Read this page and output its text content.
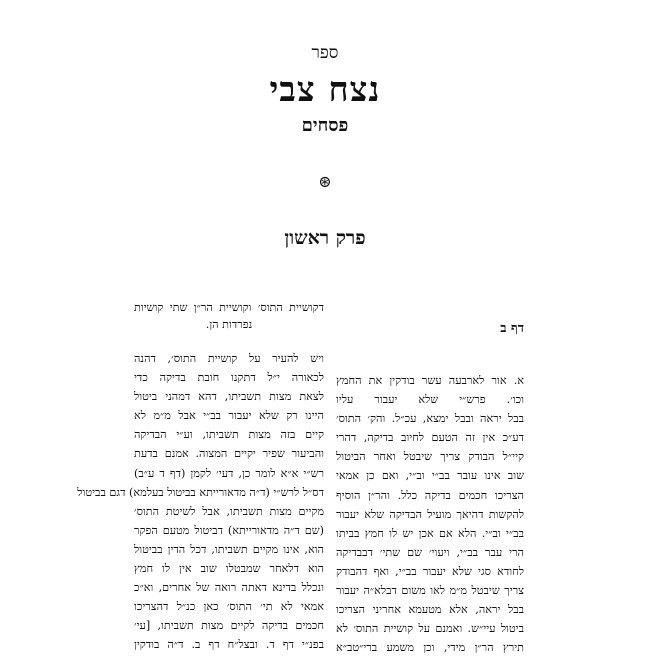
ספר
נצח צבי
פסחים
⊛
פרק ראשון
דף ב
א. אור לארבעה עשר בודקין את החמץ
וכו׳. פרש״י שלא יעבור עליו
בבל יראה ובבל ימצא, עכ״ל. והק׳ התוס׳
דע״כ אין זה הטעם לחיוב בדיקה, דהרי
קיי״ל הבודק צריך שיבטל ואחר הביטול
שוב אינו עובר בב״י וב״י, ואם כן אמאי
הצריכו חכמים בדיקה כלל. והר״ן הוסיף
להקשות דהיאך מועיל הבדיקה שלא יעבור
בב״י וב״י. הלא אם אכן יש לו חמץ בביתו
הרי עבר בב״י, ויעוי׳ שם שתי׳ דבבדיקה
לחודא סגי שלא יעבור בב״י, ואף דהבודק
צריך שיבטל מ״מ לאו משום דבלא״ה יעבור
בבל יראה, אלא מטעמא אחריני הצריכו
ביטול עיי״ש. ואמנם על קושיית התוס׳ לא
תירץ הר״ן מידי, וכן משמע ברי״טב״א
דקושיית התוס׳ וקושיית הר״ן שתי קושיות
נפרדות הן.
ויש להעיר על קושיית התוס׳, דהנה
לכאורה י״ל דתקנו חובת בדיקה כדי
לצאת מצות תשביתו, דהא דמהני ביטול
היינו רק שלא יעבור בב״י אבל מ״מ לא
קיים בזה מצות תשביתו, וע״י הבדיקה
והביעור שפיר יקיים המצוה. אמנם בדעת
רש״י א״א לומר כן, דעי׳ לקמן (דף ד ע״ב)
דס״ל לרש״י (ד״ה מדאורייתא בביטול בעלמא) דגם בביטול
מקיים מצות תשביתו, אבל לשיטת התוס׳
(שם ד״ה מדאורייתא) דביטול מטעם הפקר
הוא, אינו מקיים תשביתו, דכל הדין בביטול
הוא דלאחר שמבטלו שוב אין לו חמץ
ונכלל בדינא דאתה רואה של אחרים, וא״כ
אמאי לא תי׳ התוס׳ כאן כנ״ל דהצריכו
חכמים בדיקה לקיים מצות תשביתו, [עי׳
בפנ״י דף ד. ובצל״ח דף ב. ד״ה בודקין
